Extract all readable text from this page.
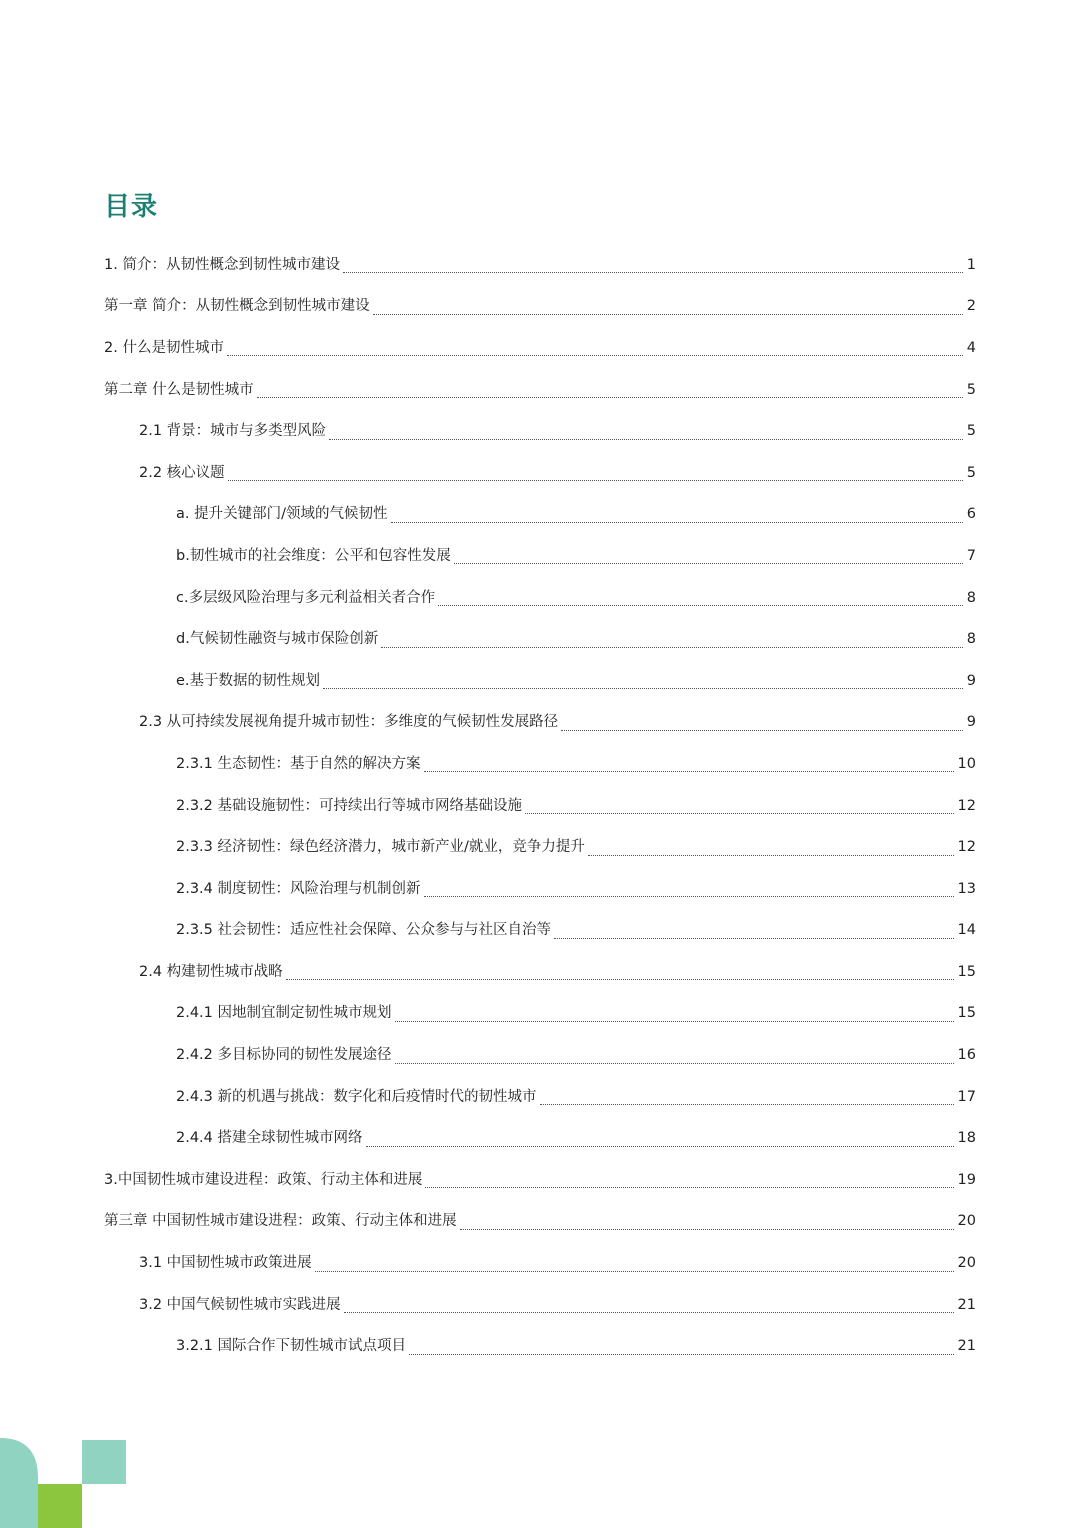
目录
1. 简介：从韧性概念到韧性城市建设	1
第一章 简介：从韧性概念到韧性城市建设	2
2. 什么是韧性城市	4
第二章 什么是韧性城市	5
2.1 背景：城市与多类型风险	5
2.2 核心议题	5
a. 提升关键部门/领域的气候韧性	6
b.韧性城市的社会维度：公平和包容性发展	7
c.多层级风险治理与多元利益相关者合作	8
d.气候韧性融资与城市保险创新	8
e.基于数据的韧性规划	9
2.3 从可持续发展视角提升城市韧性：多维度的气候韧性发展路径	9
2.3.1 生态韧性：基于自然的解决方案	10
2.3.2 基础设施韧性：可持续出行等城市网络基础设施	12
2.3.3 经济韧性：绿色经济潜力，城市新产业/就业，竞争力提升	12
2.3.4 制度韧性：风险治理与机制创新	13
2.3.5 社会韧性：适应性社会保障、公众参与与社区自治等	14
2.4 构建韧性城市战略	15
2.4.1 因地制宜制定韧性城市规划	15
2.4.2 多目标协同的韧性发展途径	16
2.4.3 新的机遇与挑战：数字化和后疫情时代的韧性城市	17
2.4.4 搭建全球韧性城市网络	18
3.中国韧性城市建设进程：政策、行动主体和进展	19
第三章 中国韧性城市建设进程：政策、行动主体和进展	20
3.1 中国韧性城市政策进展	20
3.2 中国气候韧性城市实践进展	21
3.2.1 国际合作下韧性城市试点项目	21
